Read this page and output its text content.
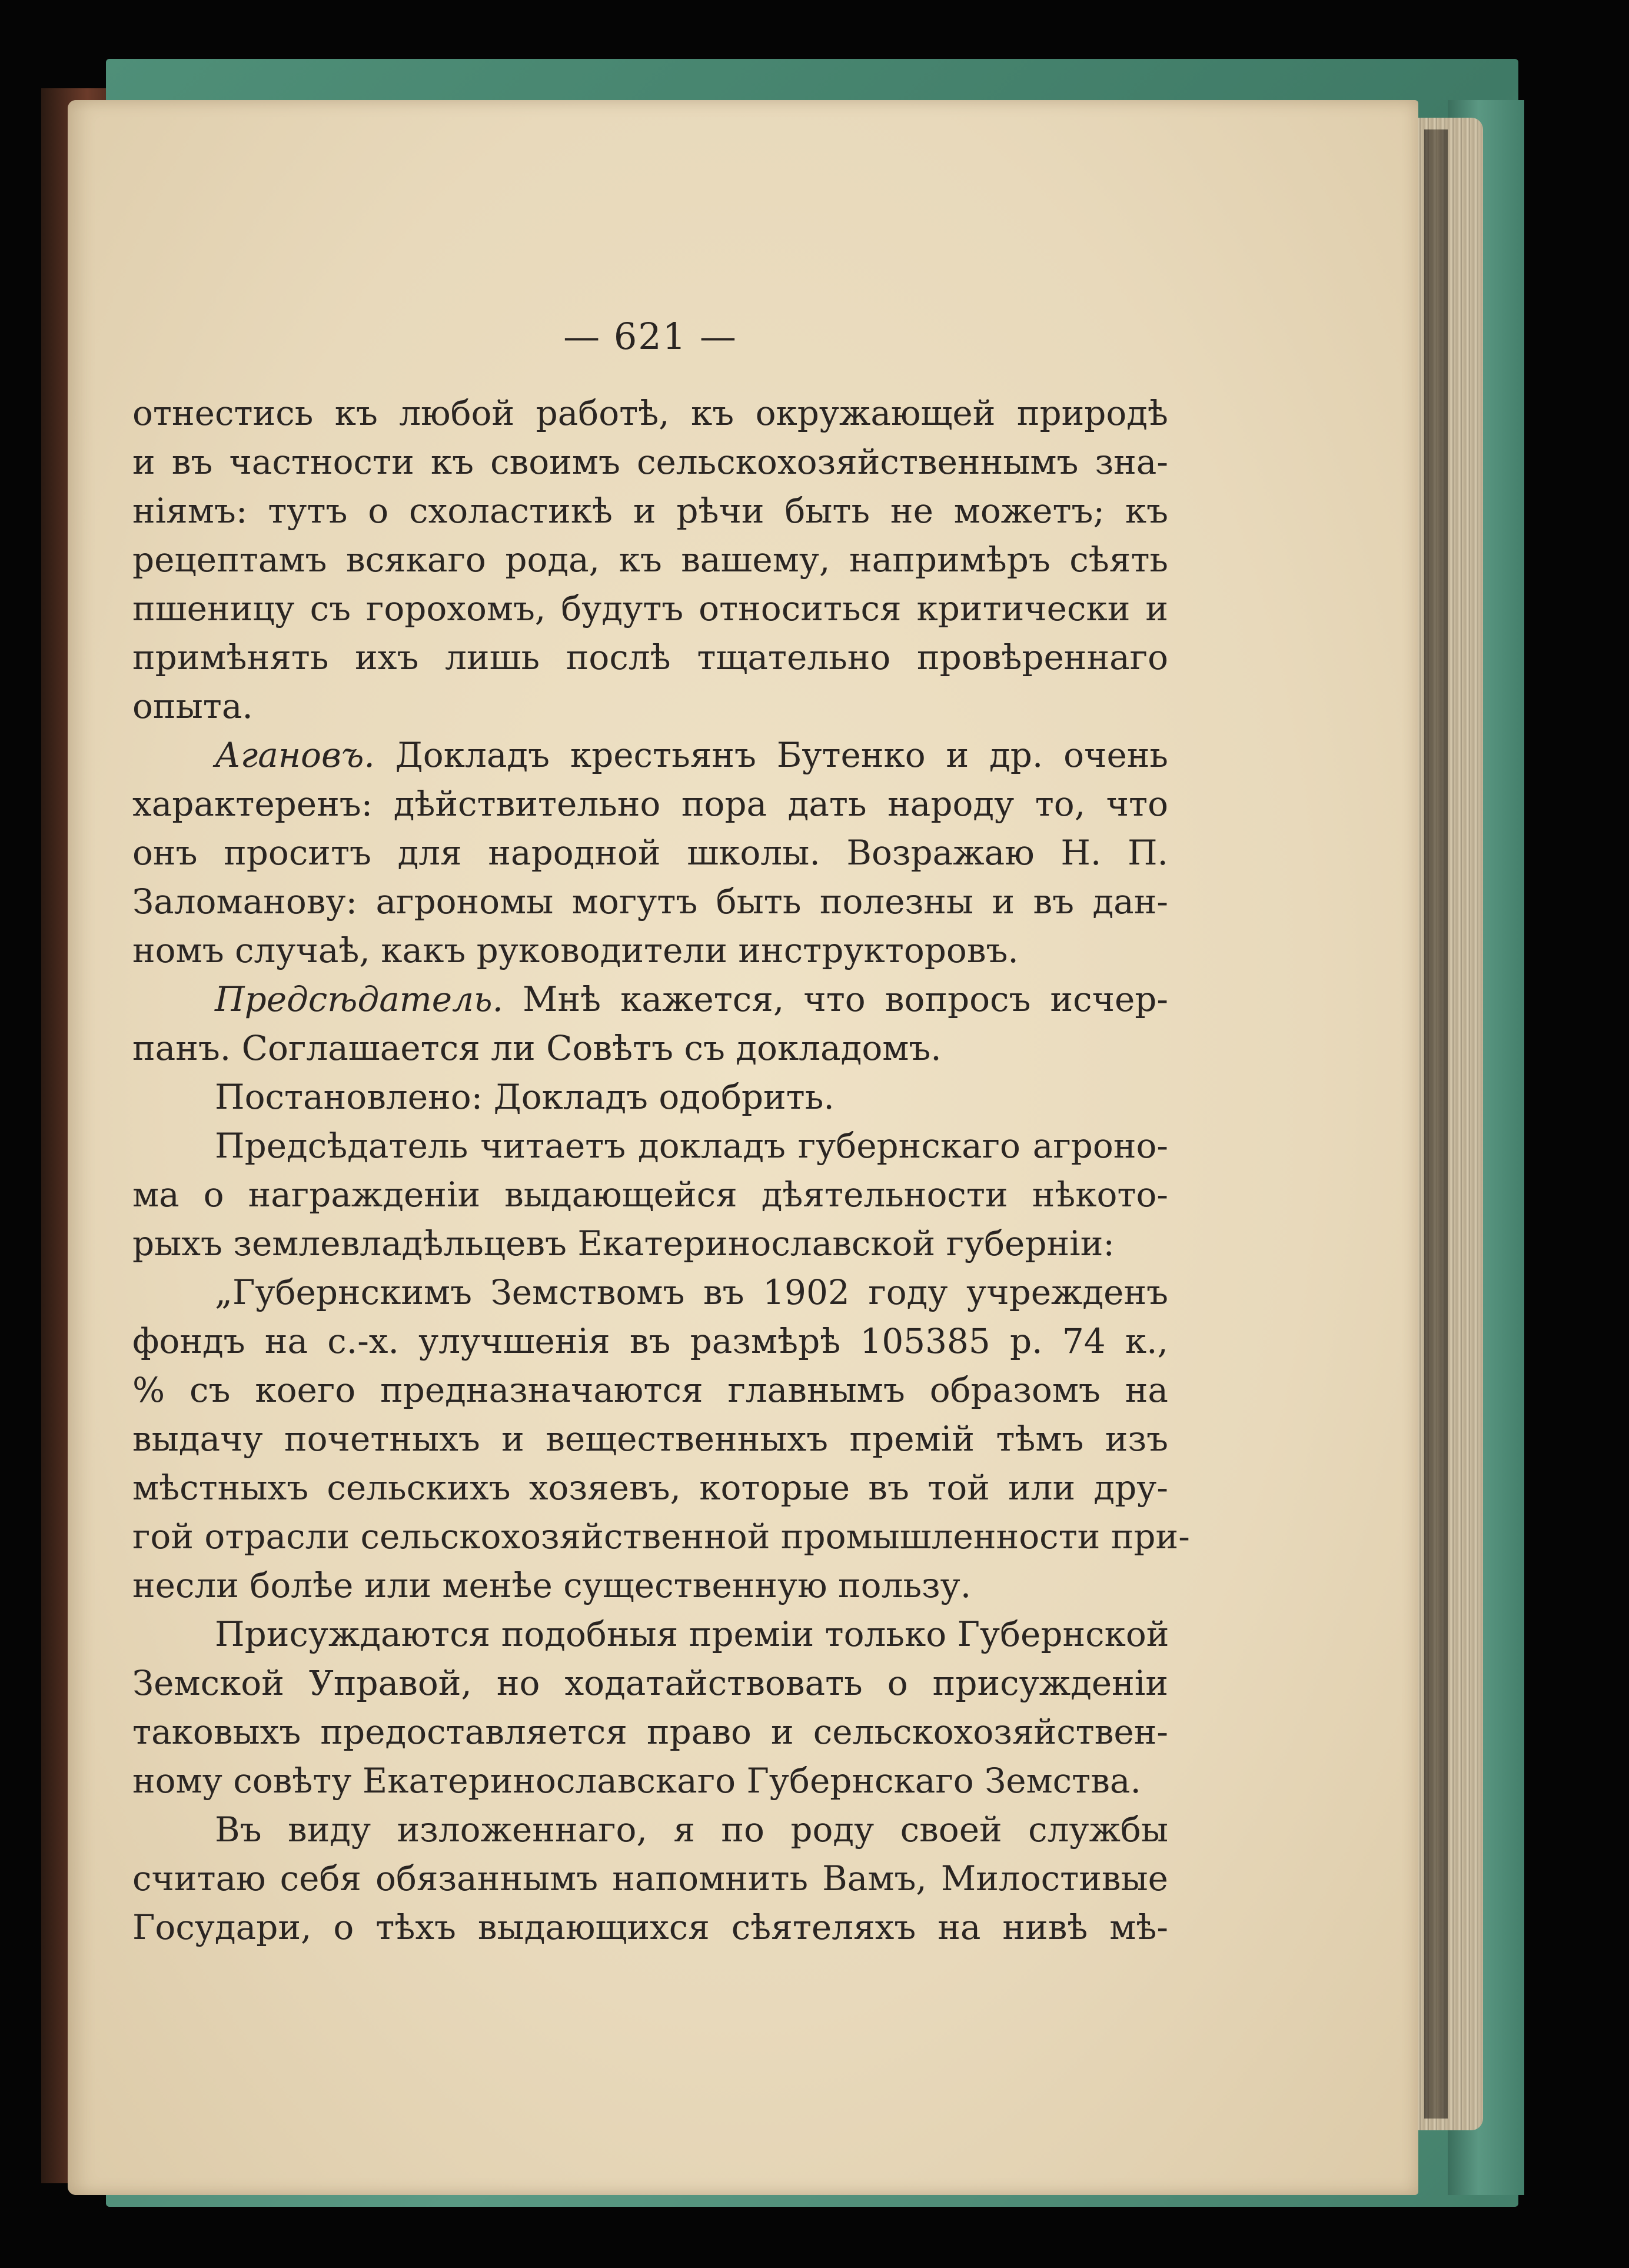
— 621 —
отнестись къ любой работѣ, къ окружающей природѣ
и въ частности къ своимъ сельскохозяйственнымъ зна-
ніямъ: тутъ о схоластикѣ и рѣчи быть не можетъ; къ
рецептамъ всякаго рода, къ вашему, напримѣръ сѣять
пшеницу съ горохомъ, будутъ относиться критически и
примѣнять ихъ лишь послѣ тщательно провѣреннаго
опыта.
Агановъ. Докладъ крестьянъ Бутенко и др. очень
характеренъ: дѣйствительно пора дать народу то, что
онъ проситъ для народной школы. Возражаю Н. П.
Заломанову: агрономы могутъ быть полезны и въ дан-
номъ случаѣ, какъ руководители инструкторовъ.
Предсѣдатель. Мнѣ кажется, что вопросъ исчер-
панъ. Соглашается ли Совѣтъ съ докладомъ.
Постановлено: Докладъ одобрить.
Предсѣдатель читаетъ докладъ губернскаго агроно-
ма о награжденіи выдающейся дѣятельности нѣкото-
рыхъ землевладѣльцевъ Екатеринославской губерніи:
„Губернскимъ Земствомъ въ 1902 году учрежденъ
фондъ на с.-х. улучшенія въ размѣрѣ 105385 р. 74 к.,
% съ коего предназначаются главнымъ образомъ на
выдачу почетныхъ и вещественныхъ премій тѣмъ изъ
мѣстныхъ сельскихъ хозяевъ, которые въ той или дру-
гой отрасли сельскохозяйственной промышленности при-
несли болѣе или менѣе существенную пользу.
Присуждаются подобныя преміи только Губернской
Земской Управой, но ходатайствовать о присужденіи
таковыхъ предоставляется право и сельскохозяйствен-
ному совѣту Екатеринославскаго Губернскаго Земства.
Въ виду изложеннаго, я по роду своей службы
считаю себя обязаннымъ напомнить Вамъ, Милостивые
Государи, о тѣхъ выдающихся сѣятеляхъ на нивѣ мѣ-
